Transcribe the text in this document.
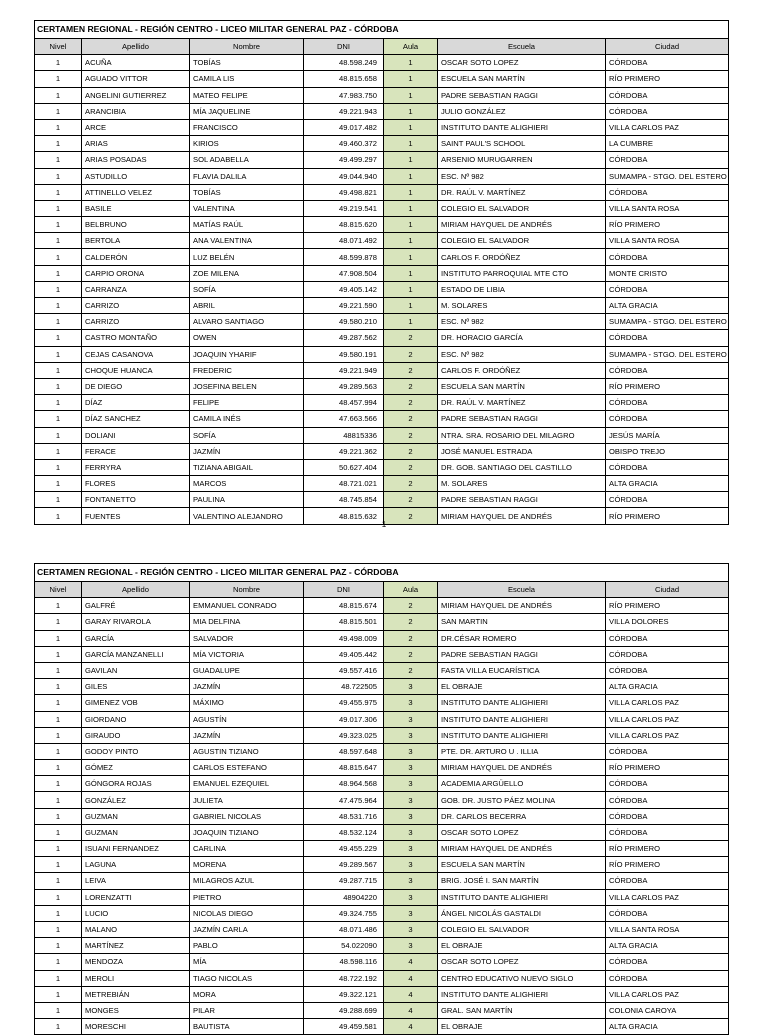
CERTAMEN REGIONAL - REGIÓN CENTRO - LICEO MILITAR GENERAL PAZ - CÓRDOBA						
Nivel	Apellido	Nombre	DNI	Aula	Escuela	Ciudad
1	ACUÑA	TOBÍAS	48.598.249	1	OSCAR SOTO LOPEZ	CÓRDOBA
1	AGUADO VITTOR	CAMILA LIS	48.815.658	1	ESCUELA SAN MARTÍN	RÍO PRIMERO
1	ANGELINI GUTIERREZ	MATEO FELIPE	47.983.750	1	PADRE SEBASTIAN RAGGI	CÓRDOBA
1	ARANCIBIA	MÍA JAQUELINE	49.221.943	1	JULIO GONZÁLEZ	CÓRDOBA
1	ARCE	FRANCISCO	49.017.482	1	INSTITUTO DANTE ALIGHIERI	VILLA CARLOS PAZ
1	ARIAS	KIRIOS	49.460.372	1	SAINT PAUL'S SCHOOL	LA CUMBRE
1	ARIAS POSADAS	SOL ADABELLA	49.499.297	1	ARSENIO MURUGARREN	CÓRDOBA
1	ASTUDILLO	FLAVIA DALILA	49.044.940	1	ESC. Nº 982	SUMAMPA - STGO. DEL ESTERO
1	ATTINELLO VELEZ	TOBÍAS	49.498.821	1	DR. RAÚL V. MARTÍNEZ	CÓRDOBA
1	BASILE	VALENTINA	49.219.541	1	COLEGIO EL SALVADOR	VILLA SANTA ROSA
1	BELBRUNO	MATÍAS RAÚL	48.815.620	1	MIRIAM HAYQUEL DE ANDRÉS	RÍO PRIMERO
1	BERTOLA	ANA VALENTINA	48.071.492	1	COLEGIO EL SALVADOR	VILLA SANTA ROSA
1	CALDERÓN	LUZ BELÉN	48.599.878	1	CARLOS F. ORDÓÑEZ	CÓRDOBA
1	CARPIO ORONA	ZOE MILENA	47.908.504	1	INSTITUTO PARROQUIAL MTE CTO	MONTE CRISTO
1	CARRANZA	SOFÍA	49.405.142	1	ESTADO DE LIBIA	CÓRDOBA
1	CARRIZO	ABRIL	49.221.590	1	M. SOLARES	ALTA GRACIA
1	CARRIZO	ALVARO SANTIAGO	49.580.210	1	ESC. Nº 982	SUMAMPA - STGO. DEL ESTERO
1	CASTRO MONTAÑO	OWEN	49.287.562	2	DR. HORACIO GARCÍA	CÓRDOBA
1	CEJAS CASANOVA	JOAQUIN YHARIF	49.580.191	2	ESC. Nº 982	SUMAMPA - STGO. DEL ESTERO
1	CHOQUE HUANCA	FREDERIC	49.221.949	2	CARLOS F. ORDÓÑEZ	CÓRDOBA
1	DE DIEGO	JOSEFINA BELEN	49.289.563	2	ESCUELA SAN MARTÍN	RÍO PRIMERO
1	DÍAZ	FELIPE	48.457.994	2	DR. RAÚL V. MARTÍNEZ	CÓRDOBA
1	DÍAZ SANCHEZ	CAMILA INÉS	47.663.566	2	PADRE SEBASTIAN RAGGI	CÓRDOBA
1	DOLIANI	SOFÍA	48815336	2	NTRA. SRA. ROSARIO DEL MILAGRO	JESÚS MARÍA
1	FERACE	JAZMÍN	49.221.362	2	JOSÉ MANUEL ESTRADA	OBISPO TREJO
1	FERRYRA	TIZIANA ABIGAIL	50.627.404	2	DR. GOB. SANTIAGO DEL CASTILLO	CÓRDOBA
1	FLORES	MARCOS	48.721.021	2	M. SOLARES	ALTA GRACIA
1	FONTANETTO	PAULINA	48.745.854	2	PADRE SEBASTIAN RAGGI	CÓRDOBA
1	FUENTES	VALENTINO ALEJANDRO	48.815.632	2	MIRIAM HAYQUEL DE ANDRÉS	RÍO PRIMERO
1
CERTAMEN REGIONAL - REGIÓN CENTRO - LICEO MILITAR GENERAL PAZ - CÓRDOBA						
Nivel	Apellido	Nombre	DNI	Aula	Escuela	Ciudad
1	GALFRÉ	EMMANUEL CONRADO	48.815.674	2	MIRIAM HAYQUEL DE ANDRÉS	RÍO PRIMERO
1	GARAY RIVAROLA	MIA DELFINA	48.815.501	2	SAN MARTIN	VILLA DOLORES
1	GARCÍA	SALVADOR	49.498.009	2	DR.CÉSAR ROMERO	CÓRDOBA
1	GARCÍA MANZANELLI	MÍA VICTORIA	49.405.442	2	PADRE SEBASTIAN RAGGI	CÓRDOBA
1	GAVILAN	GUADALUPE	49.557.416	2	FASTA VILLA EUCARÍSTICA	CÓRDOBA
1	GILES	JAZMÍN	48.722505	3	EL OBRAJE	ALTA GRACIA
1	GIMENEZ VOB	MÁXIMO	49.455.975	3	INSTITUTO DANTE ALIGHIERI	VILLA CARLOS PAZ
1	GIORDANO	AGUSTÍN	49.017.306	3	INSTITUTO DANTE ALIGHIERI	VILLA CARLOS PAZ
1	GIRAUDO	JAZMÍN	49.323.025	3	INSTITUTO DANTE ALIGHIERI	VILLA CARLOS PAZ
1	GODOY PINTO	AGUSTIN TIZIANO	48.597.648	3	PTE. DR. ARTURO U . ILLIA	CÓRDOBA
1	GÓMEZ	CARLOS ESTEFANO	48.815.647	3	MIRIAM HAYQUEL DE ANDRÉS	RÍO PRIMERO
1	GÓNGORA ROJAS	EMANUEL EZEQUIEL	48.964.568	3	ACADEMIA ARGÜELLO	CÓRDOBA
1	GONZÁLEZ	JULIETA	47.475.964	3	GOB. DR. JUSTO PÁEZ MOLINA	CÓRDOBA
1	GUZMAN	GABRIEL NICOLAS	48.531.716	3	DR. CARLOS BECERRA	CÓRDOBA
1	GUZMAN	JOAQUIN TIZIANO	48.532.124	3	OSCAR SOTO LOPEZ	CÓRDOBA
1	ISUANI FERNANDEZ	CARLINA	49.455.229	3	MIRIAM HAYQUEL DE ANDRÉS	RÍO PRIMERO
1	LAGUNA	MORENA	49.289.567	3	ESCUELA SAN MARTÍN	RÍO PRIMERO
1	LEIVA	MILAGROS AZUL	49.287.715	3	BRIG. JOSÉ I. SAN MARTÍN	CÓRDOBA
1	LORENZATTI	PIETRO	48904220	3	INSTITUTO DANTE ALIGHIERI	VILLA CARLOS PAZ
1	LUCIO	NICOLAS DIEGO	49.324.755	3	ÁNGEL NICOLÁS GASTALDI	CÓRDOBA
1	MALANO	JAZMÍN CARLA	48.071.486	3	COLEGIO EL SALVADOR	VILLA SANTA ROSA
1	MARTÍNEZ	PABLO	54.022090	3	EL OBRAJE	ALTA GRACIA
1	MENDOZA	MÍA	48.598.116	4	OSCAR SOTO LOPEZ	CÓRDOBA
1	MEROLI	TIAGO NICOLAS	48.722.192	4	CENTRO EDUCATIVO NUEVO SIGLO	CÓRDOBA
1	METREBIÁN	MORA	49.322.121	4	INSTITUTO DANTE ALIGHIERI	VILLA CARLOS PAZ
1	MONGES	PILAR	49.288.699	4	GRAL. SAN MARTÍN	COLONIA CAROYA
1	MORESCHI	BAUTISTA	49.459.581	4	EL OBRAJE	ALTA GRACIA
